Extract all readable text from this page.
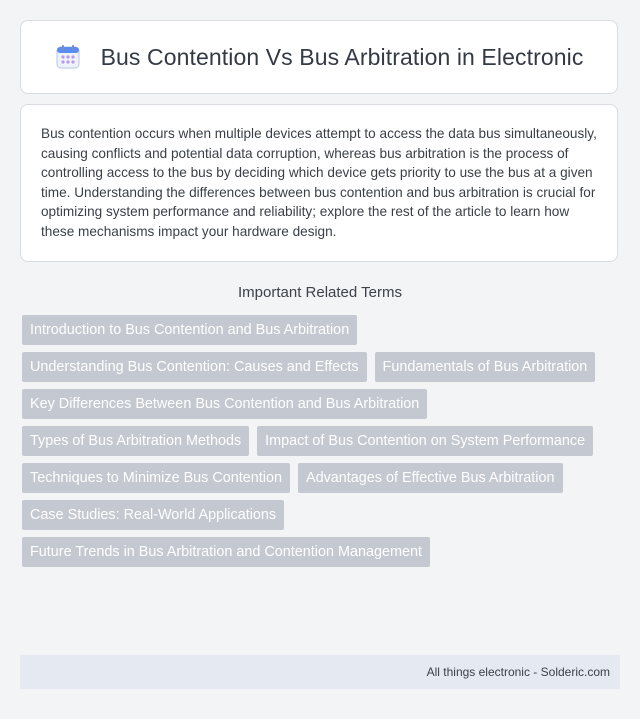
Bus Contention Vs Bus Arbitration in Electronic

Bus contention occurs when multiple devices attempt to access the data bus simultaneously, causing conflicts and potential data corruption, whereas bus arbitration is the process of controlling access to the bus by deciding which device gets priority to use the bus at a given time. Understanding the differences between bus contention and bus arbitration is crucial for optimizing system performance and reliability; explore the rest of the article to learn how these mechanisms impact your hardware design.

Important Related Terms
Introduction to Bus Contention and Bus Arbitration
Understanding Bus Contention: Causes and Effects	Fundamentals of Bus Arbitration
Key Differences Between Bus Contention and Bus Arbitration
Types of Bus Arbitration Methods	Impact of Bus Contention on System Performance
Techniques to Minimize Bus Contention	Advantages of Effective Bus Arbitration
Case Studies: Real-World Applications
Future Trends in Bus Arbitration and Contention Management
All things electronic - Solderic.com
